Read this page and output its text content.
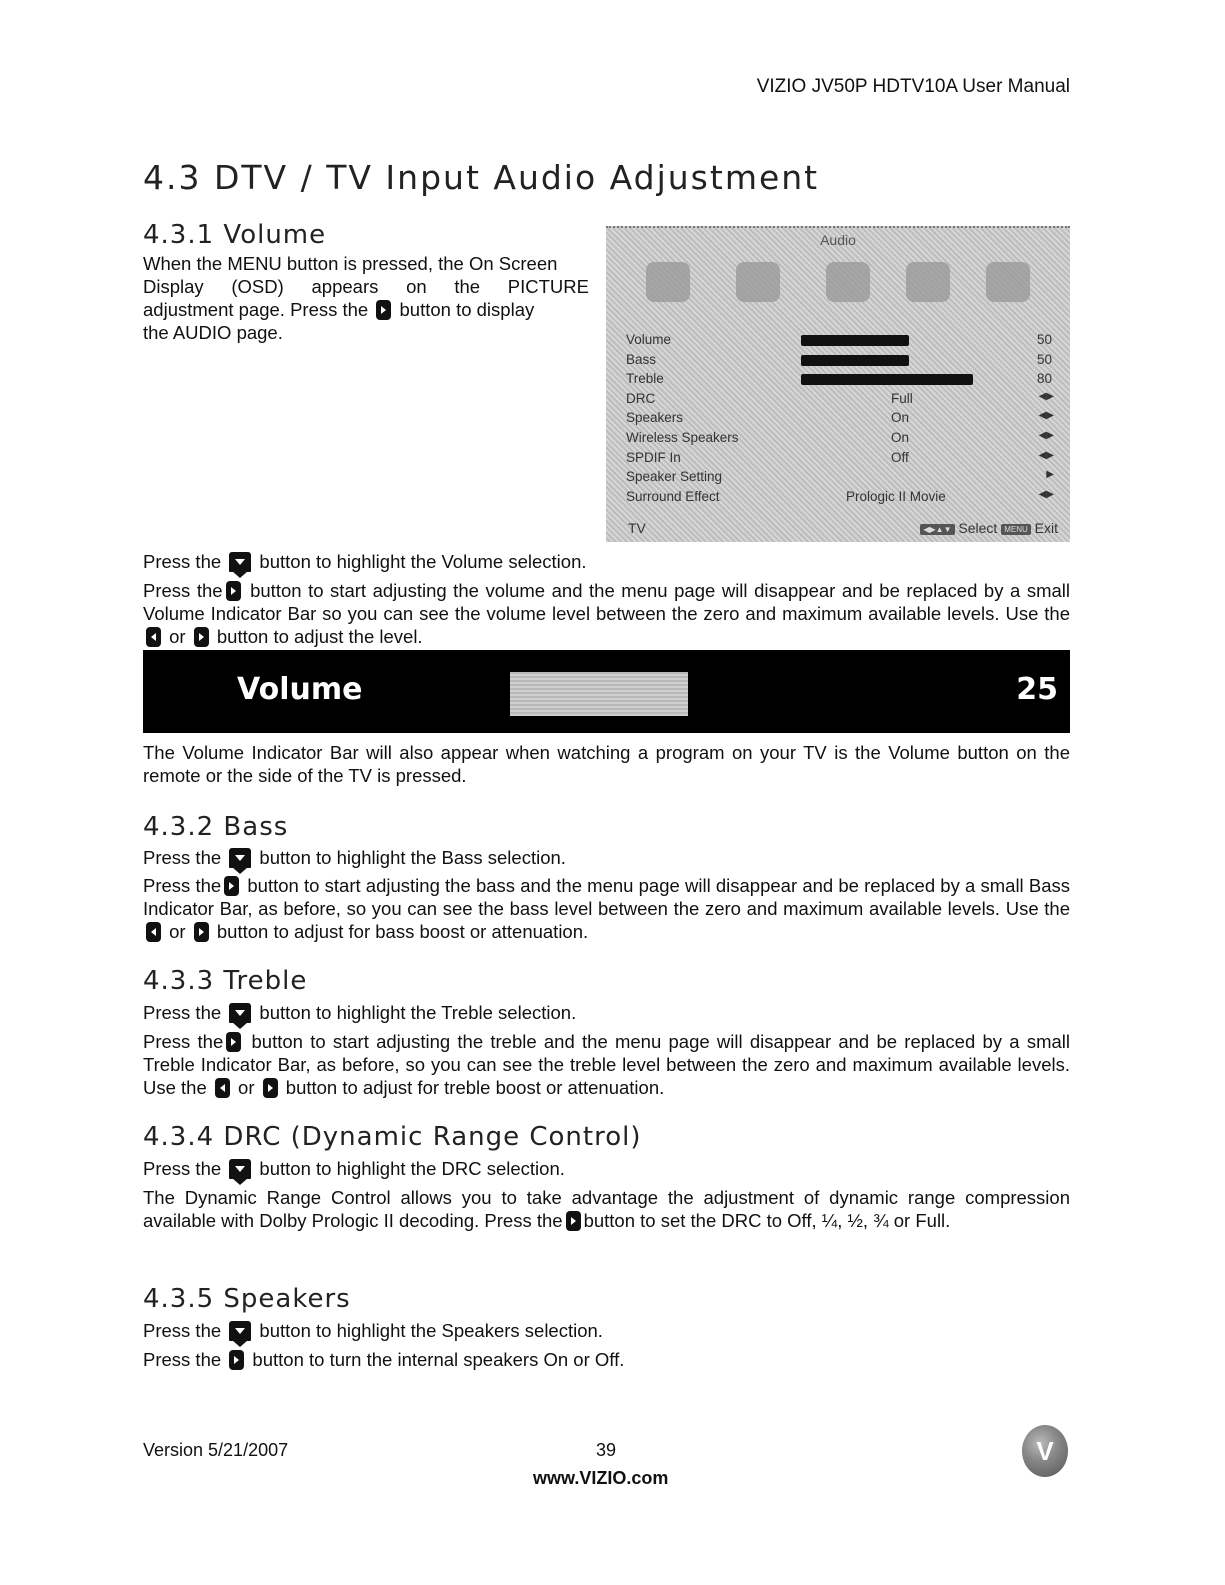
VIZIO JV50P HDTV10A User Manual
4.3 DTV / TV Input Audio Adjustment
4.3.1 Volume
When the MENU button is pressed, the On Screen
Display (OSD) appears on the PICTURE
adjustment page. Press the  button to display
the AUDIO page.
Audio
Volume	50
Bass	50
Treble	80
DRC	Full	◀▶
Speakers	On	◀▶
Wireless Speakers	On	◀▶
SPDIF In	Off	◀▶
Speaker Setting	▶
Surround Effect	Prologic II Movie	◀▶
TV	◀▶▲▼ Select MENU Exit
Press the  button to highlight the Volume selection.
Press the button to start adjusting the volume and the menu page will disappear and be replaced by a small Volume Indicator Bar so you can see the volume level between the zero and maximum available levels. Use the  or  button to adjust the level.
Volume	25
The Volume Indicator Bar will also appear when watching a program on your TV is the Volume button on the remote or the side of the TV is pressed.
4.3.2 Bass
Press the  button to highlight the Bass selection.
Press the button to start adjusting the bass and the menu page will disappear and be replaced by a small Bass Indicator Bar, as before, so you can see the bass level between the zero and maximum available levels. Use the  or  button to adjust for bass boost or attenuation.
4.3.3 Treble
Press the  button to highlight the Treble selection.
Press the button to start adjusting the treble and the menu page will disappear and be replaced by a small Treble Indicator Bar, as before, so you can see the treble level between the zero and maximum available levels. Use the  or  button to adjust for treble boost or attenuation.
4.3.4 DRC (Dynamic Range Control)
Press the  button to highlight the DRC selection.
The Dynamic Range Control allows you to take advantage the adjustment of dynamic range compression available with Dolby Prologic II decoding. Press the button to set the DRC to Off, ¼, ½, ¾ or Full.
4.3.5 Speakers
Press the  button to highlight the Speakers selection.
Press the  button to turn the internal speakers On or Off.
Version 5/21/2007	39
www.VIZIO.com
V
